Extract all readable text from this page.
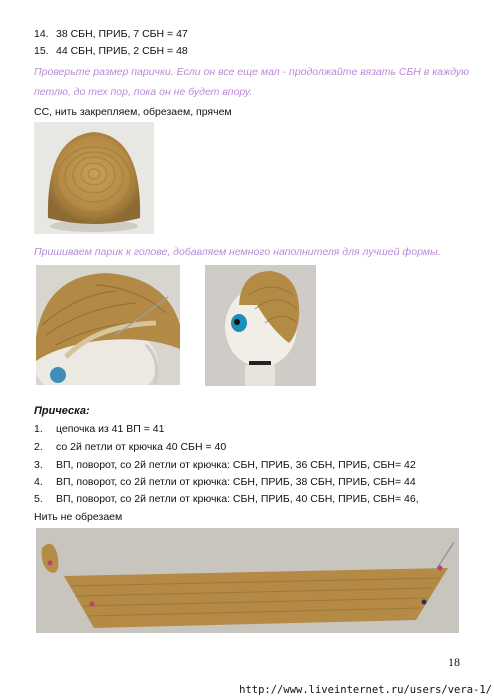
14. 38 СБН, ПРИБ, 7 СБН = 47
15. 44 СБН, ПРИБ, 2 СБН = 48
Проверьте размер парички. Если он все еще мал - продолжайте вязать СБН в каждую
петлю, до тех пор, пока он не будет впору.
СС, нить закрепляем, обрезаем, прячем
Пришиваем парик к голове, добавляем немного наполнителя для лучшей формы.
Прическа:
1. цепочка из 41 ВП = 41
2. со 2й петли от крючка 40 СБН = 40
3. ВП, поворот, со 2й петли от крючка: СБН, ПРИБ, 36 СБН, ПРИБ, СБН= 42
4. ВП, поворот, со 2й петли от крючка: СБН, ПРИБ, 38 СБН, ПРИБ, СБН= 44
5. ВП, поворот, со 2й петли от крючка: СБН, ПРИБ, 40 СБН, ПРИБ, СБН= 46,
Нить не обрезаем
18
http://www.liveinternet.ru/users/vera-1/
